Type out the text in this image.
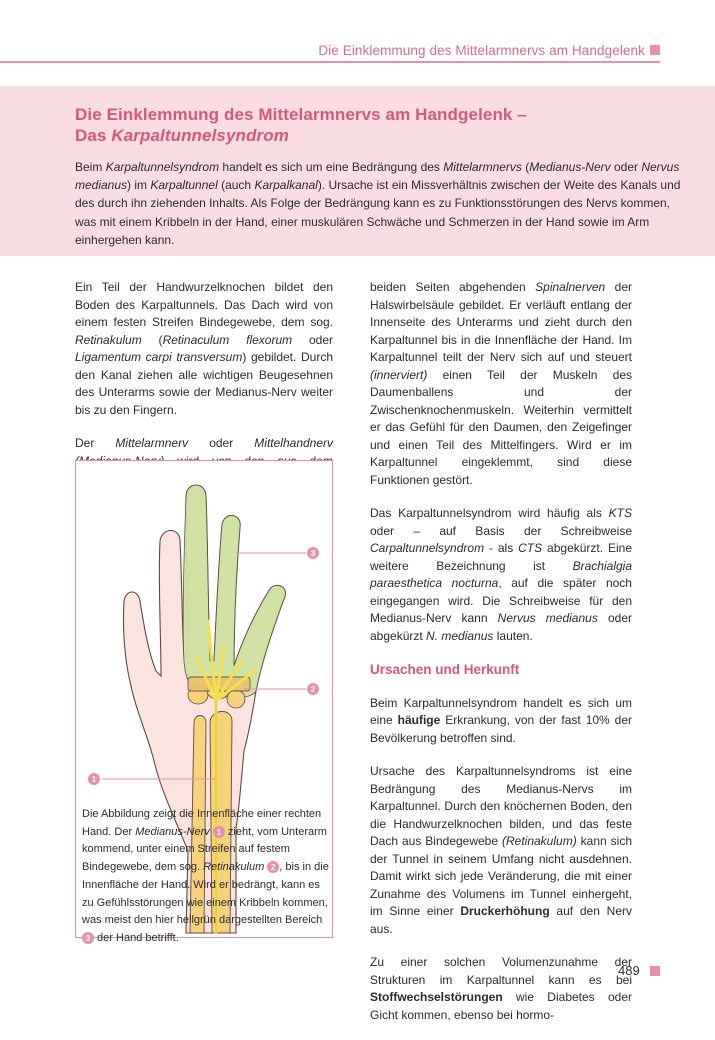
Die Einklemmung des Mittelarmnervs am Handgelenk
Die Einklemmung des Mittelarmnervs am Handgelenk –
Das Karpaltunnelsyndrom
Beim Karpaltunnelsyndrom handelt es sich um eine Bedrängung des Mittelarmnervs (Medianus-Nerv oder Nervus medianus) im Karpaltunnel (auch Karpalkanal). Ursache ist ein Missverhältnis zwischen der Weite des Kanals und des durch ihn ziehenden Inhalts. Als Folge der Bedrängung kann es zu Funktionsstörungen des Nervs kommen, was mit einem Kribbeln in der Hand, einer muskulären Schwäche und Schmerzen in der Hand sowie im Arm einhergehen kann.

Ein Teil der Handwurzelknochen bildet den Boden des Karpaltunnels. Das Dach wird von einem festen Streifen Bindegewebe, dem sog. Retinakulum (Retinaculum flexorum oder Ligamentum carpi transversum) gebildet. Durch den Kanal ziehen alle wichtigen Beugesehnen des Unterarms sowie der Medianus-Nerv weiter bis zu den Fingern.

Der Mittelarmnerv oder Mittelhandnerv

3
2
1
Die Abbildung zeigt die Innenfläche einer rechten Hand. Der Medianus-Nerv 1 zieht, vom Unterarm kommend, unter einem Streifen auf festem Bindegewebe, dem sog. Retinakulum 2 , bis in die Innenfläche der Hand. Wird er bedrängt, kann es zu Gefühlsstörungen wie einem Kribbeln kommen, was meist den hier hellgrün dargestellten Bereich 3 der Hand betrifft.

beiden Seiten abgehenden Spinalnerven der Halswirbelsäule gebildet. Er verläuft entlang der Innenseite des Unterarms und zieht durch den Karpaltunnel bis in die Innenfläche der Hand. Im Karpaltunnel teilt der Nerv sich auf und steuert (innerviert) einen Teil der Muskeln des Daumenballens und der Zwischenknochenmuskeln. Weiterhin vermittelt er das Gefühl für den Daumen, den Zeigefinger und einen Teil des Mittelfingers. Wird er im Karpaltunnel eingeklemmt, sind diese Funktionen gestört.

Das Karpaltunnelsyndrom wird häufig als KTS oder – auf Basis der Schreibweise Carpaltunnelsyndrom - als CTS abgekürzt. Eine weitere Bezeichnung ist Brachialgia paraesthetica nocturna, auf die später noch eingegangen wird. Die Schreibweise für den Medianus-Nerv kann Nervus medianus oder abgekürzt N. medianus lauten.

Ursachen und Herkunft

Beim Karpaltunnelsyndrom handelt es sich um eine häufige Erkrankung, von der fast 10% der Bevölkerung betroffen sind.

Ursache des Karpaltunnelsyndroms ist eine Bedrängung des Medianus-Nervs im Karpaltunnel. Durch den knöchernen Boden, den die Handwurzelknochen bilden, und das feste Dach aus Bindegewebe (Retinakulum) kann sich der Tunnel in seinem Umfang nicht ausdehnen. Damit wirkt sich jede Veränderung, die mit einer Zunahme des Volumens im Tunnel einhergeht, im Sinne einer Druckerhöhung auf den Nerv aus.

Zu einer solchen Volumenzunahme der Strukturen im Karpaltunnel kann es bei Stoffwechselstörungen wie Diabetes oder Gicht kommen, ebenso bei hormo-

489
